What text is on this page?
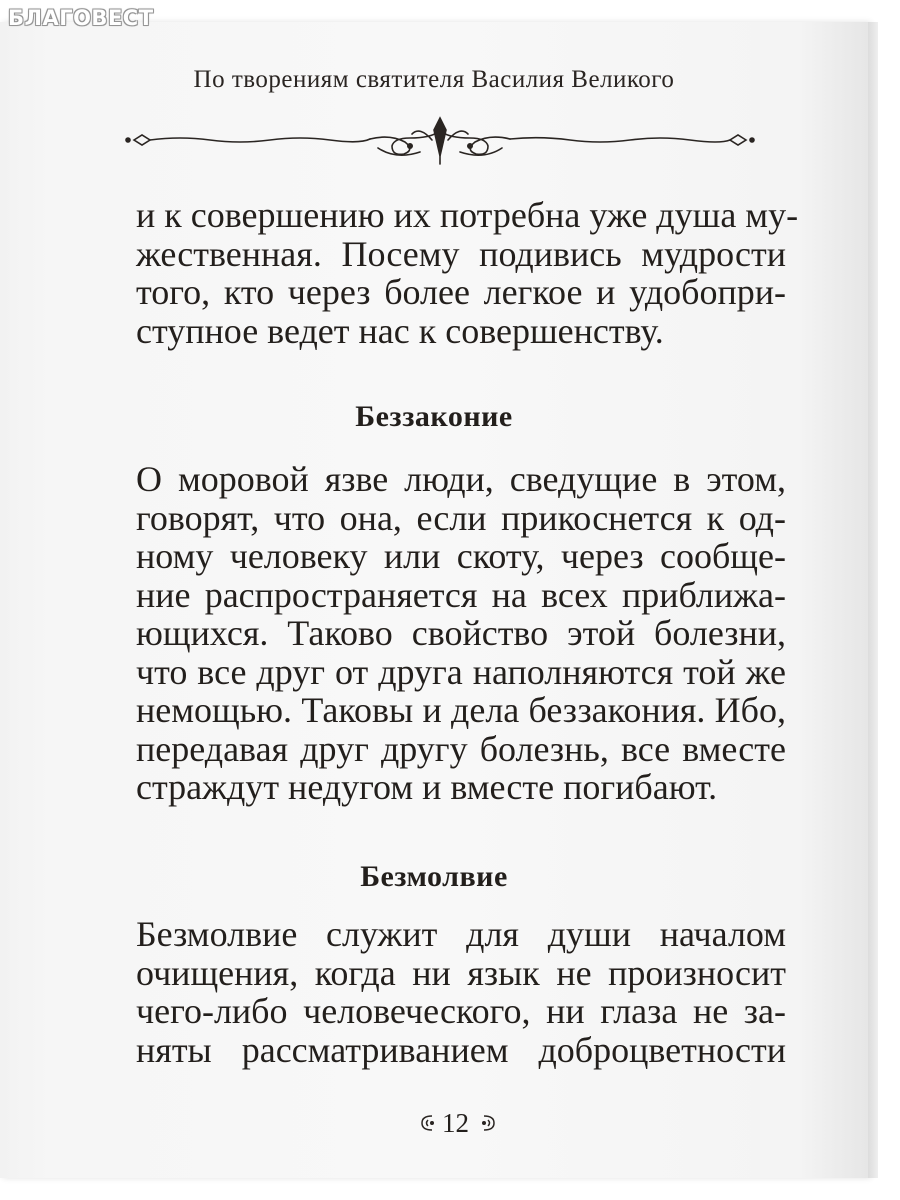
БЛАГОВЕСТ
По творениям святителя Василия Великого
и к совершению их потребна уже душа му-
жественная. Посему подивись мудрости
того, кто через более легкое и удобопри-
ступное ведет нас к совершенству.
Беззаконие
О моровой язве люди, сведущие в этом,
говорят, что она, если прикоснется к од-
ному человеку или скоту, через сообще-
ние распространяется на всех приближа-
ющихся. Таково свойство этой болезни,
что все друг от друга наполняются той же
немощью. Таковы и дела беззакония. Ибо,
передавая друг другу болезнь, все вместе
страждут недугом и вместе погибают.
Безмолвие
Безмолвие служит для души началом
очищения, когда ни язык не произносит
чего-либо человеческого, ни глаза не за-
няты рассматриванием доброцветности
12
